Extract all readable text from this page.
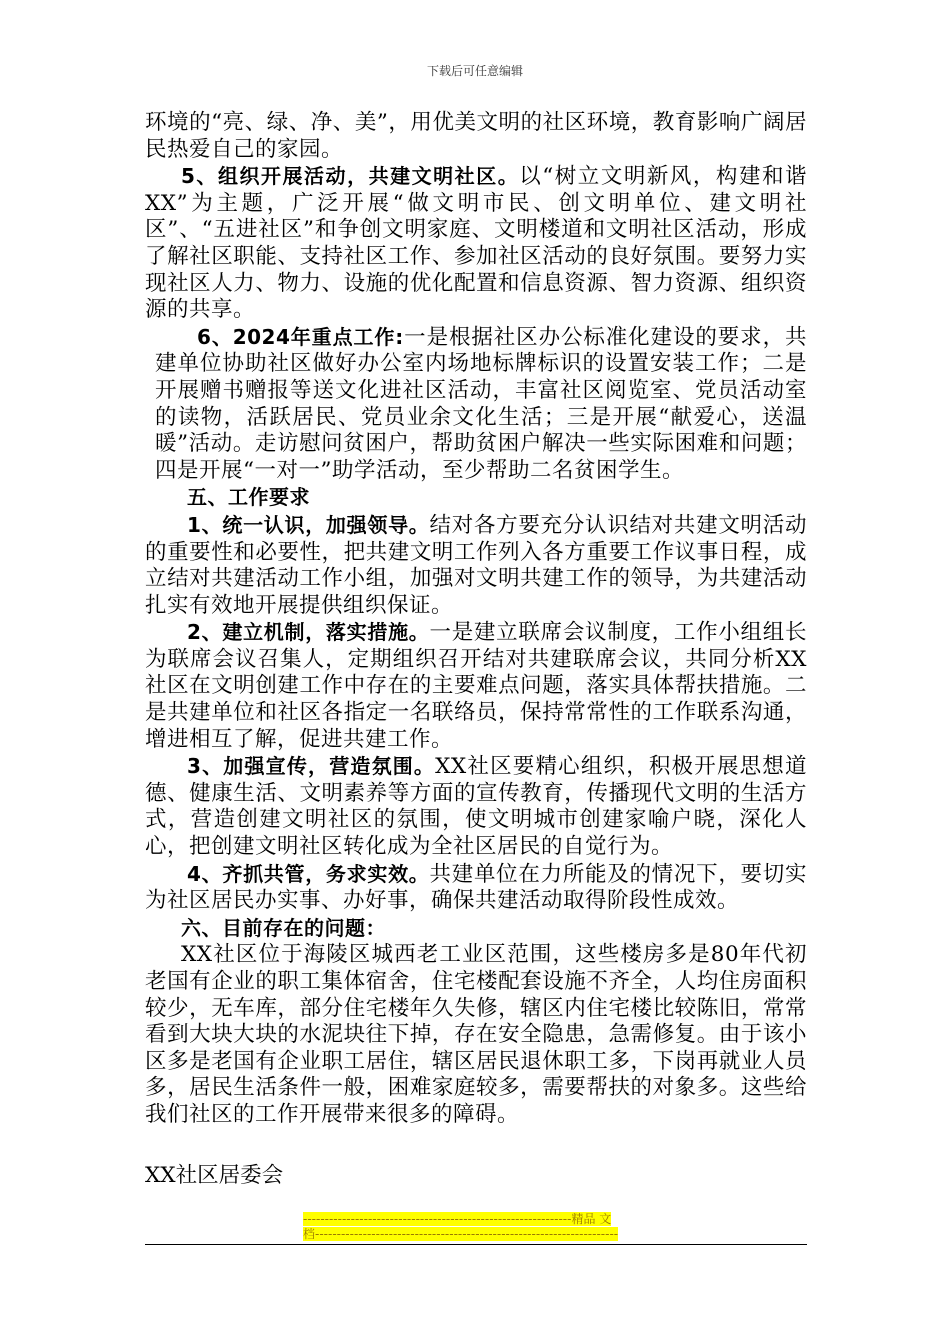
下载后可任意编辑

环境的“亮、绿、净、美”，用优美文明的社区环境，教育影响广阔居民热爱自己的家园。

5、组织开展活动，共建文明社区。以“树立文明新风，构建和谐XX”为主题，广泛开展“做文明市民、创文明单位、建文明社区”、“五进社区”和争创文明家庭、文明楼道和文明社区活动，形成了解社区职能、支持社区工作、参加社区活动的良好氛围。要努力实现社区人力、物力、设施的优化配置和信息资源、智力资源、组织资源的共享。

6、2024年重点工作:一是根据社区办公标准化建设的要求，共建单位协助社区做好办公室内场地标牌标识的设置安装工作；二是开展赠书赠报等送文化进社区活动，丰富社区阅览室、党员活动室的读物，活跃居民、党员业余文化生活；三是开展“献爱心，送温暖”活动。走访慰问贫困户，帮助贫困户解决一些实际困难和问题；四是开展“一对一”助学活动，至少帮助二名贫困学生。

五、工作要求

1、统一认识，加强领导。结对各方要充分认识结对共建文明活动的重要性和必要性，把共建文明工作列入各方重要工作议事日程，成立结对共建活动工作小组，加强对文明共建工作的领导，为共建活动扎实有效地开展提供组织保证。

2、建立机制，落实措施。一是建立联席会议制度，工作小组组长为联席会议召集人，定期组织召开结对共建联席会议，共同分析XX社区在文明创建工作中存在的主要难点问题，落实具体帮扶措施。二是共建单位和社区各指定一名联络员，保持常常性的工作联系沟通，增进相互了解，促进共建工作。

3、加强宣传，营造氛围。XX社区要精心组织，积极开展思想道德、健康生活、文明素养等方面的宣传教育，传播现代文明的生活方式，营造创建文明社区的氛围，使文明城市创建家喻户晓，深化人心，把创建文明社区转化成为全社区居民的自觉行为。

4、齐抓共管，务求实效。共建单位在力所能及的情况下，要切实为社区居民办实事、办好事，确保共建活动取得阶段性成效。

六、目前存在的问题：

XX社区位于海陵区城西老工业区范围，这些楼房多是80年代初老国有企业的职工集体宿舍，住宅楼配套设施不齐全，人均住房面积较少，无车库，部分住宅楼年久失修，辖区内住宅楼比较陈旧，常常看到大块大块的水泥块往下掉，存在安全隐患，急需修复。由于该小区多是老国有企业职工居住，辖区居民退休职工多，下岗再就业人员多，居民生活条件一般，困难家庭较多，需要帮扶的对象多。这些给我们社区的工作开展带来很多的障碍。

XX社区居委会
--------------------------------------------------------------精品 文
档----------------------------------------------------------------------
